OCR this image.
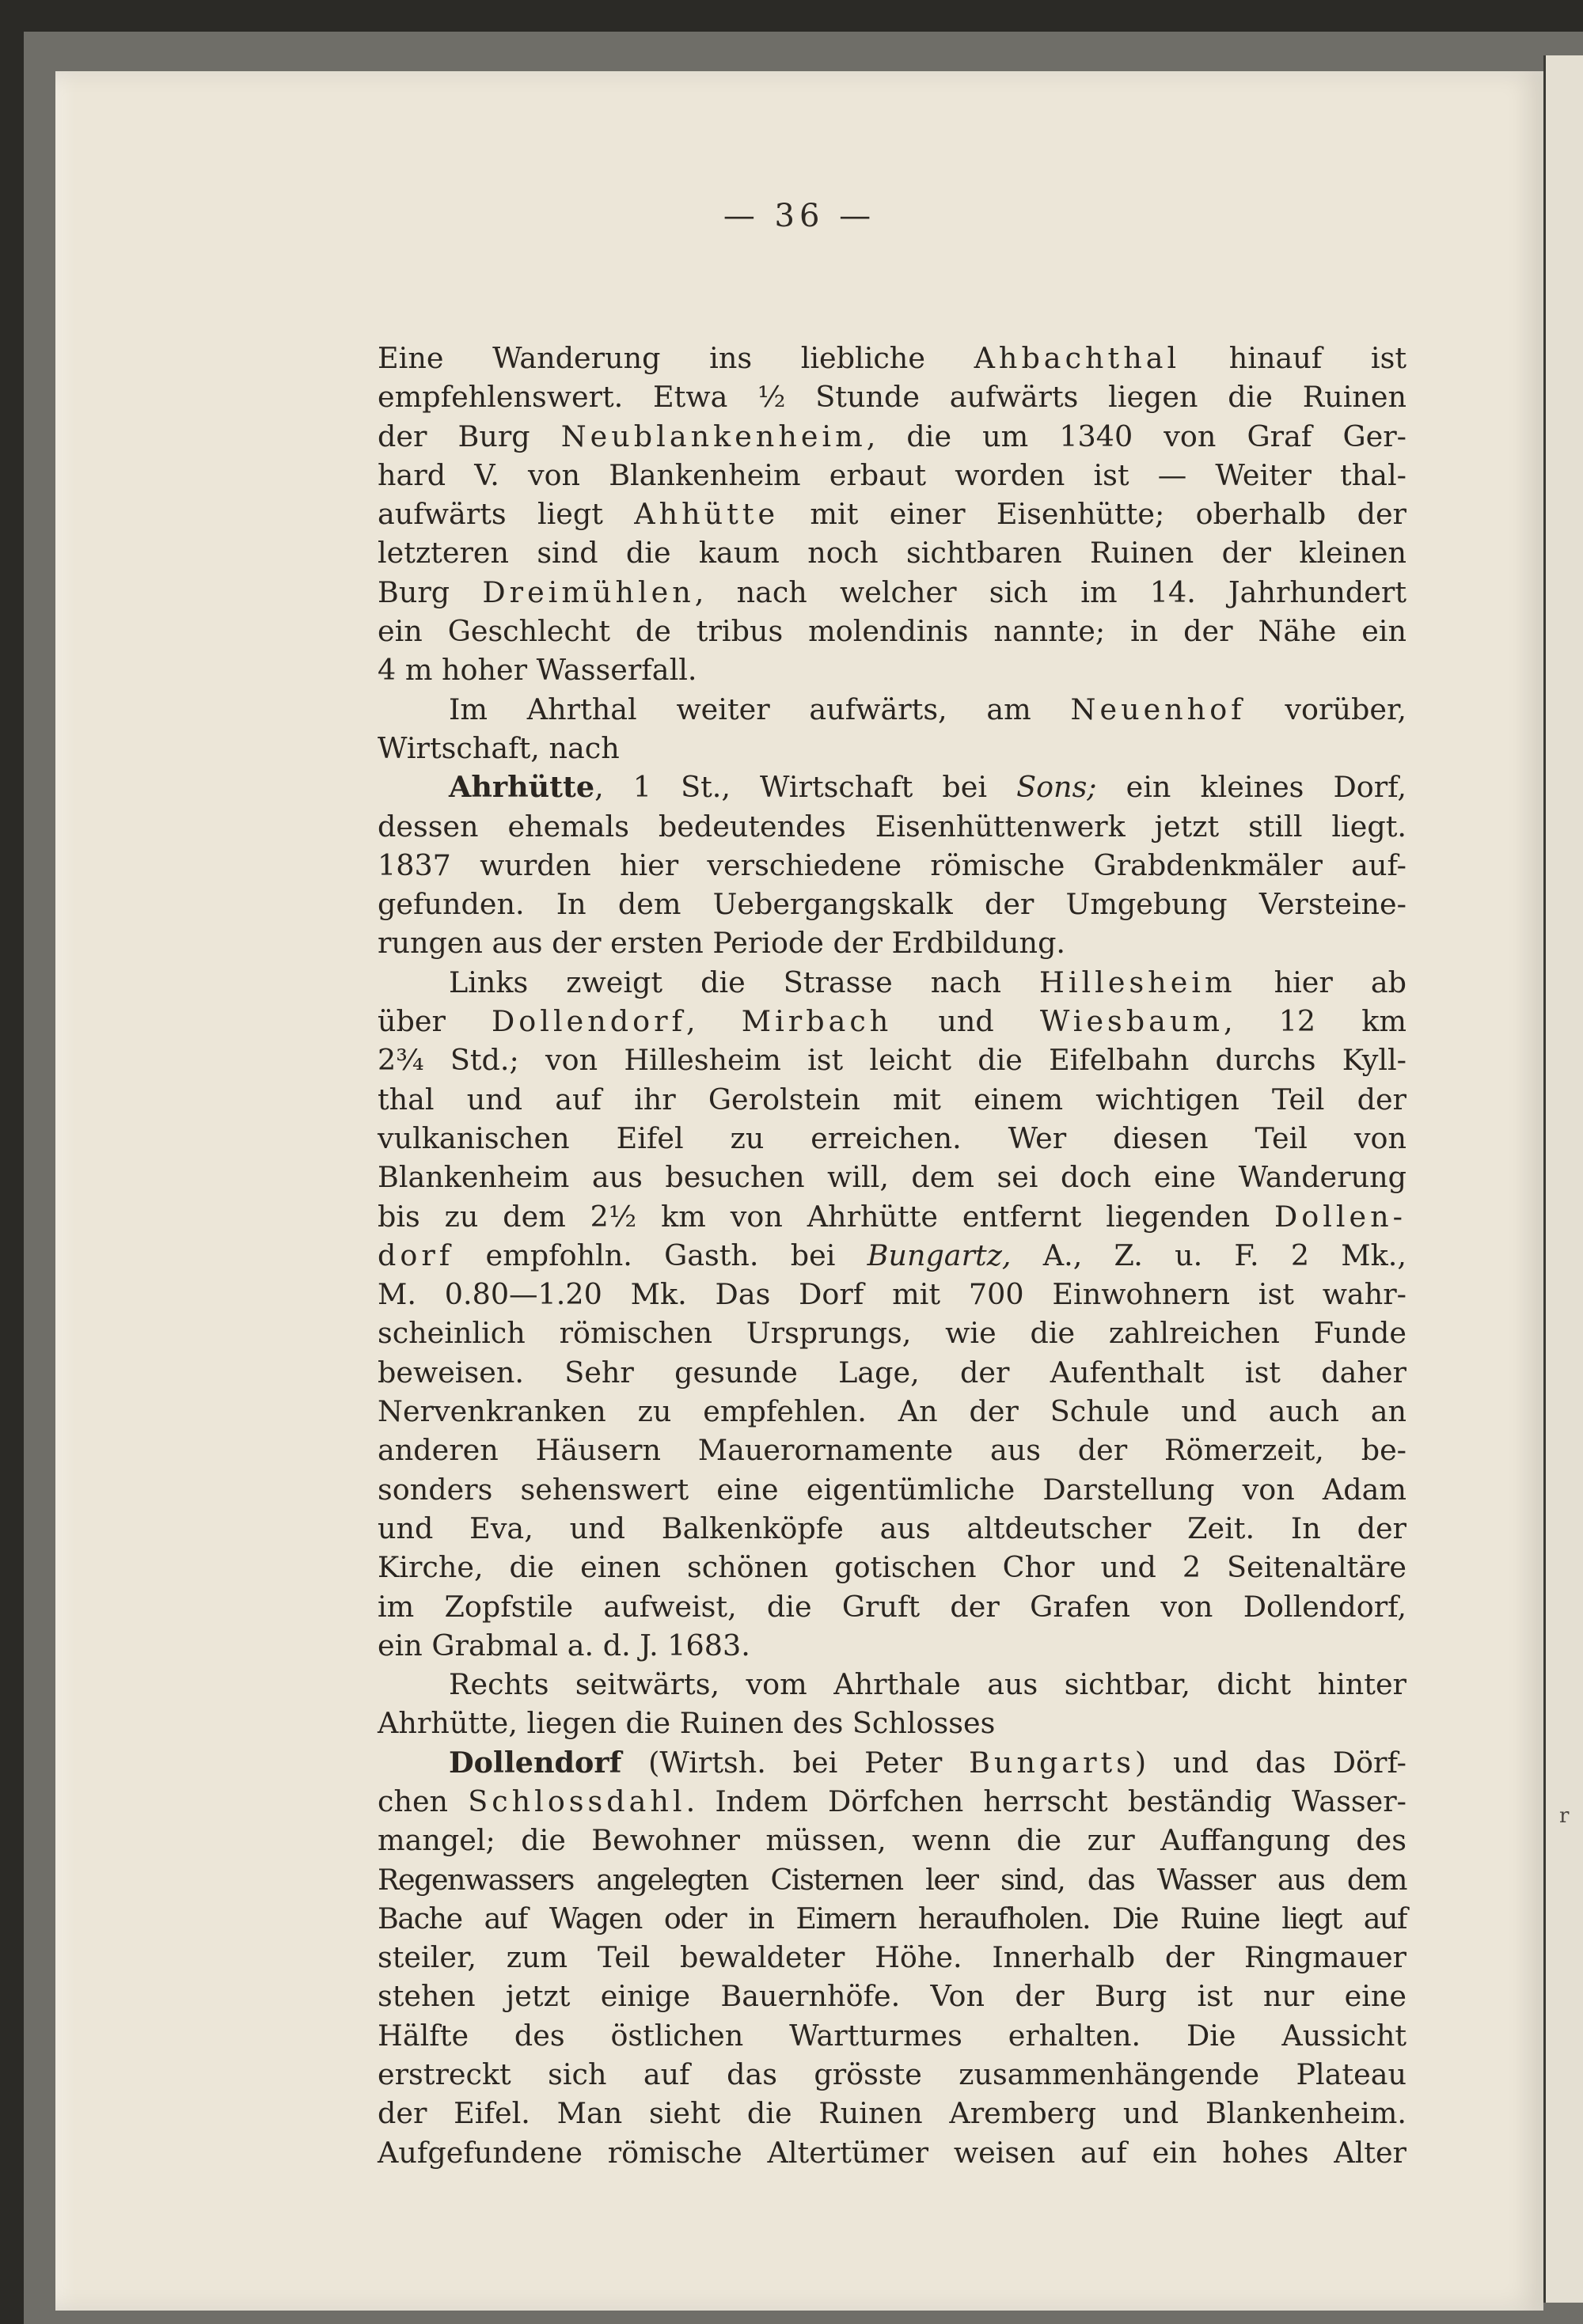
— 36 —
r
Eine Wanderung ins liebliche Ahbachthal hinauf ist
empfehlenswert. Etwa ½ Stunde aufwärts liegen die Ruinen
der Burg Neublankenheim, die um 1340 von Graf Ger-
hard V. von Blankenheim erbaut worden ist — Weiter thal-
aufwärts liegt Ahhütte mit einer Eisenhütte; oberhalb der
letzteren sind die kaum noch sichtbaren Ruinen der kleinen
Burg Dreimühlen, nach welcher sich im 14. Jahrhundert
ein Geschlecht de tribus molendinis nannte; in der Nähe ein
4 m hoher Wasserfall.
Im Ahrthal weiter aufwärts, am Neuenhof vorüber,
Wirtschaft, nach
Ahrhütte, 1 St., Wirtschaft bei Sons; ein kleines Dorf,
dessen ehemals bedeutendes Eisenhüttenwerk jetzt still liegt.
1837 wurden hier verschiedene römische Grabdenkmäler auf-
gefunden. In dem Uebergangskalk der Umgebung Versteine-
rungen aus der ersten Periode der Erdbildung.
Links zweigt die Strasse nach Hillesheim hier ab
über Dollendorf, Mirbach und Wiesbaum, 12 km
2¾ Std.; von Hillesheim ist leicht die Eifelbahn durchs Kyll-
thal und auf ihr Gerolstein mit einem wichtigen Teil der
vulkanischen Eifel zu erreichen. Wer diesen Teil von
Blankenheim aus besuchen will, dem sei doch eine Wanderung
bis zu dem 2½ km von Ahrhütte entfernt liegenden Dollen-
dorf empfohln. Gasth. bei Bungartz, A., Z. u. F. 2 Mk.,
M. 0.80—1.20 Mk. Das Dorf mit 700 Einwohnern ist wahr-
scheinlich römischen Ursprungs, wie die zahlreichen Funde
beweisen. Sehr gesunde Lage, der Aufenthalt ist daher
Nervenkranken zu empfehlen. An der Schule und auch an
anderen Häusern Mauerornamente aus der Römerzeit, be-
sonders sehenswert eine eigentümliche Darstellung von Adam
und Eva, und Balkenköpfe aus altdeutscher Zeit. In der
Kirche, die einen schönen gotischen Chor und 2 Seitenaltäre
im Zopfstile aufweist, die Gruft der Grafen von Dollendorf,
ein Grabmal a. d. J. 1683.
Rechts seitwärts, vom Ahrthale aus sichtbar, dicht hinter
Ahrhütte, liegen die Ruinen des Schlosses
Dollendorf (Wirtsh. bei Peter Bungarts) und das Dörf-
chen Schlossdahl. Indem Dörfchen herrscht beständig Wasser-
mangel; die Bewohner müssen, wenn die zur Auffangung des
Regenwassers angelegten Cisternen leer sind, das Wasser aus dem
Bache auf Wagen oder in Eimern heraufholen. Die Ruine liegt auf
steiler, zum Teil bewaldeter Höhe. Innerhalb der Ringmauer
stehen jetzt einige Bauernhöfe. Von der Burg ist nur eine
Hälfte des östlichen Wartturmes erhalten. Die Aussicht
erstreckt sich auf das grösste zusammenhängende Plateau
der Eifel. Man sieht die Ruinen Aremberg und Blankenheim.
Aufgefundene römische Altertümer weisen auf ein hohes Alter
